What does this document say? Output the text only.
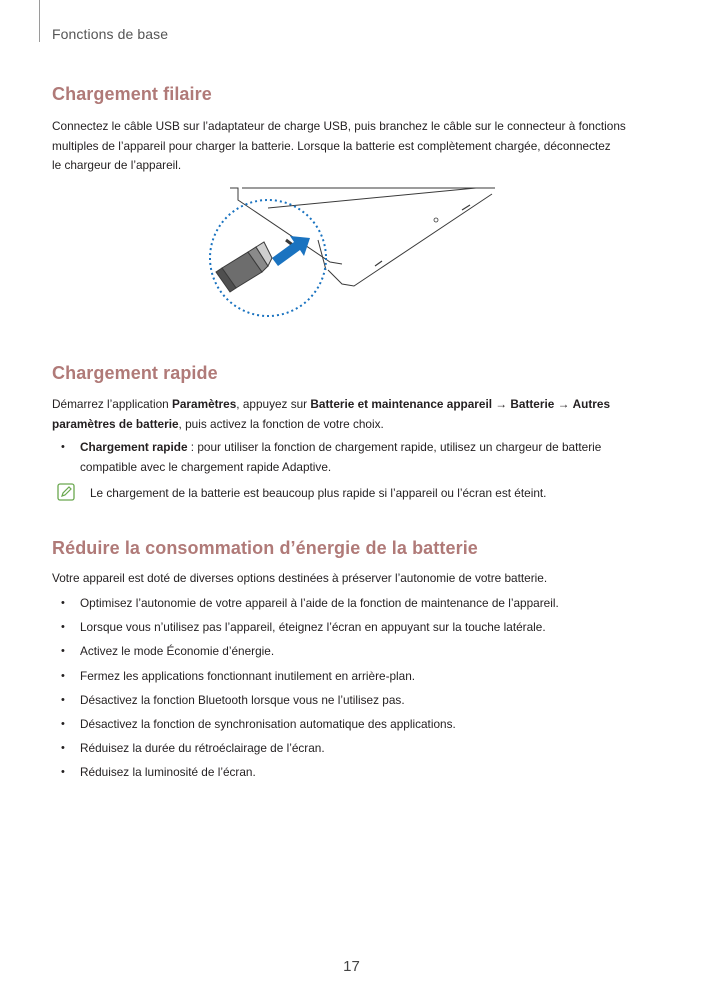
Fonctions de base
Chargement filaire
Connectez le câble USB sur l’adaptateur de charge USB, puis branchez le câble sur le connecteur à fonctions
multiples de l’appareil pour charger la batterie. Lorsque la batterie est complètement chargée, déconnectez
le chargeur de l’appareil.
Chargement rapide
Démarrez l’application Paramètres, appuyez sur Batterie et maintenance appareil → Batterie → Autres
paramètres de batterie, puis activez la fonction de votre choix.
• Chargement rapide : pour utiliser la fonction de chargement rapide, utilisez un chargeur de batterie
compatible avec le chargement rapide Adaptive.
Le chargement de la batterie est beaucoup plus rapide si l’appareil ou l’écran est éteint.
Réduire la consommation d’énergie de la batterie
Votre appareil est doté de diverses options destinées à préserver l’autonomie de votre batterie.
• Optimisez l’autonomie de votre appareil à l’aide de la fonction de maintenance de l’appareil.
• Lorsque vous n’utilisez pas l’appareil, éteignez l’écran en appuyant sur la touche latérale.
• Activez le mode Économie d’énergie.
• Fermez les applications fonctionnant inutilement en arrière-plan.
• Désactivez la fonction Bluetooth lorsque vous ne l’utilisez pas.
• Désactivez la fonction de synchronisation automatique des applications.
• Réduisez la durée du rétroéclairage de l’écran.
• Réduisez la luminosité de l’écran.
17
